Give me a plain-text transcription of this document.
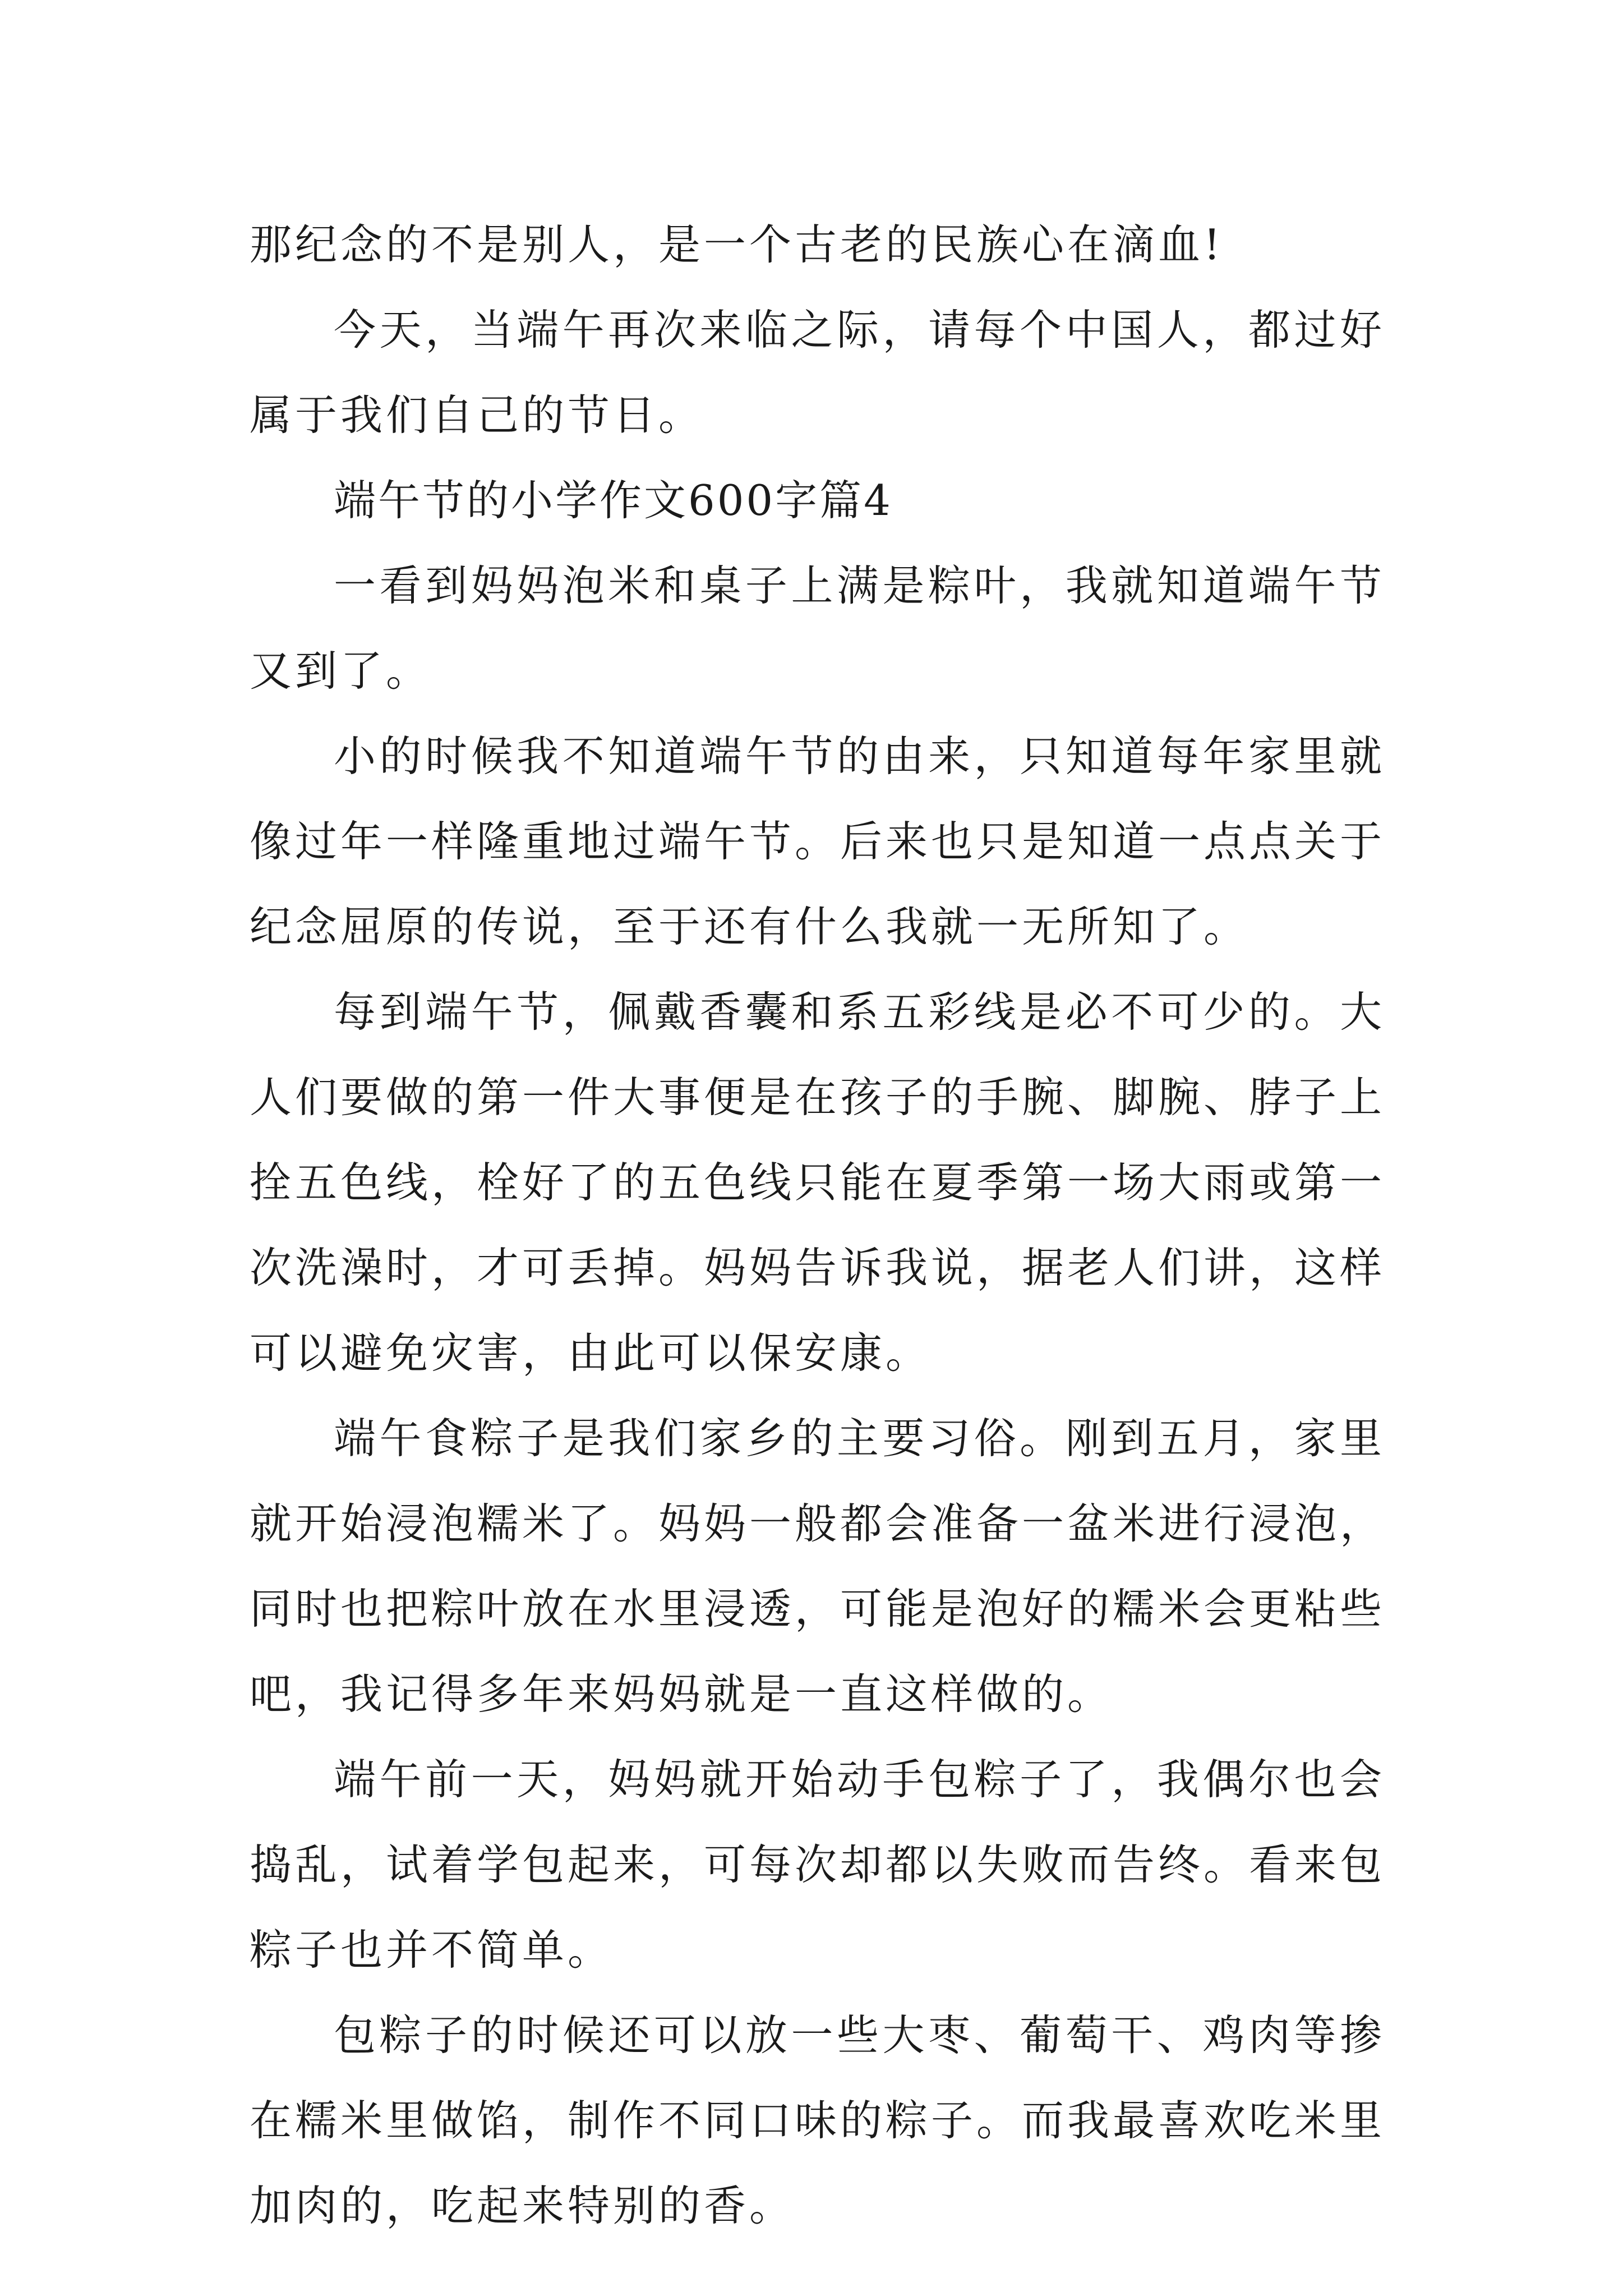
那纪念的不是别人，是一个古老的民族心在滴血!

今天，当端午再次来临之际，请每个中国人，都过好属于我们自己的节日。

端午节的小学作文600字篇4

一看到妈妈泡米和桌子上满是粽叶，我就知道端午节又到了。

小的时候我不知道端午节的由来，只知道每年家里就像过年一样隆重地过端午节。后来也只是知道一点点关于纪念屈原的传说，至于还有什么我就一无所知了。

每到端午节，佩戴香囊和系五彩线是必不可少的。大人们要做的第一件大事便是在孩子的手腕、脚腕、脖子上拴五色线，栓好了的五色线只能在夏季第一场大雨或第一次洗澡时，才可丢掉。妈妈告诉我说，据老人们讲，这样可以避免灾害，由此可以保安康。

端午食粽子是我们家乡的主要习俗。刚到五月，家里就开始浸泡糯米了。妈妈一般都会准备一盆米进行浸泡，同时也把粽叶放在水里浸透，可能是泡好的糯米会更粘些吧，我记得多年来妈妈就是一直这样做的。

端午前一天，妈妈就开始动手包粽子了，我偶尔也会捣乱，试着学包起来，可每次却都以失败而告终。看来包粽子也并不简单。

包粽子的时候还可以放一些大枣、葡萄干、鸡肉等掺在糯米里做馅，制作不同口味的粽子。而我最喜欢吃米里加肉的，吃起来特别的香。
